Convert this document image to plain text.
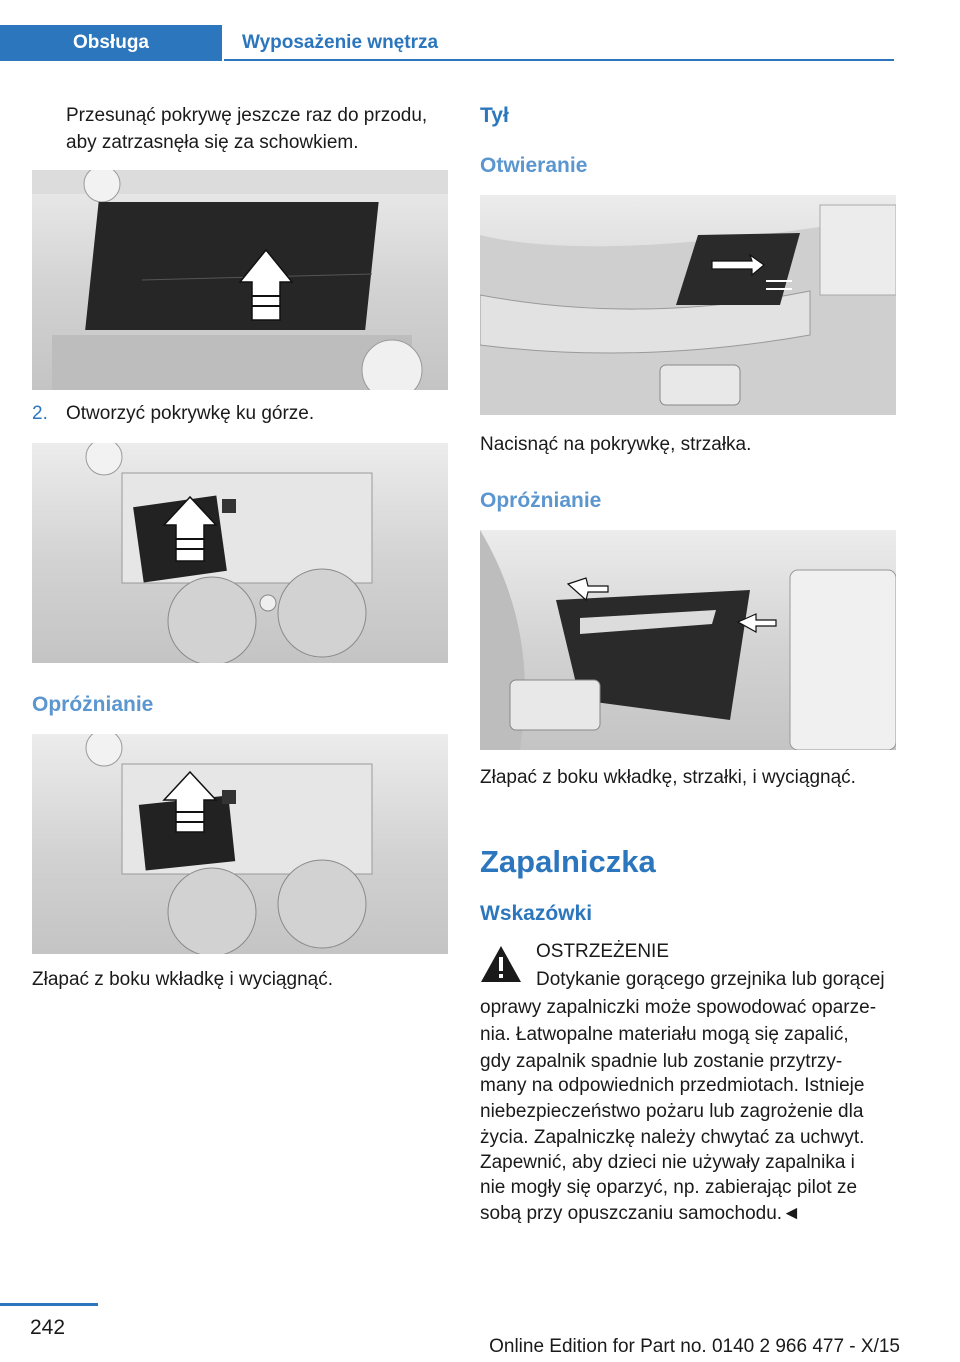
Obsługa	Wyposażenie wnętrza
Przesunąć pokrywę jeszcze raz do przodu,
aby zatrzasnęła się za schowkiem.
2. Otworzyć pokrywkę ku górze.
Opróżnianie
Złapać z boku wkładkę i wyciągnąć.
Tył
Otwieranie
Nacisnąć na pokrywkę, strzałka.
Opróżnianie
Złapać z boku wkładkę, strzałki, i wyciągnąć.
Zapalniczka
Wskazówki
OSTRZEŻENIE
Dotykanie gorącego grzejnika lub gorącej
oprawy zapalniczki może spowodować oparze-
nia. Łatwopalne materiału mogą się zapalić,
gdy zapalnik spadnie lub zostanie przytrzy-
many na odpowiednich przedmiotach. Istnieje
niebezpieczeństwo pożaru lub zagrożenie dla
życia. Zapalniczkę należy chwytać za uchwyt.
Zapewnić, aby dzieci nie używały zapalnika i
nie mogły się oparzyć, np. zabierając pilot ze
sobą przy opuszczaniu samochodu.◄
242
Online Edition for Part no. 0140 2 966 477 - X/15
